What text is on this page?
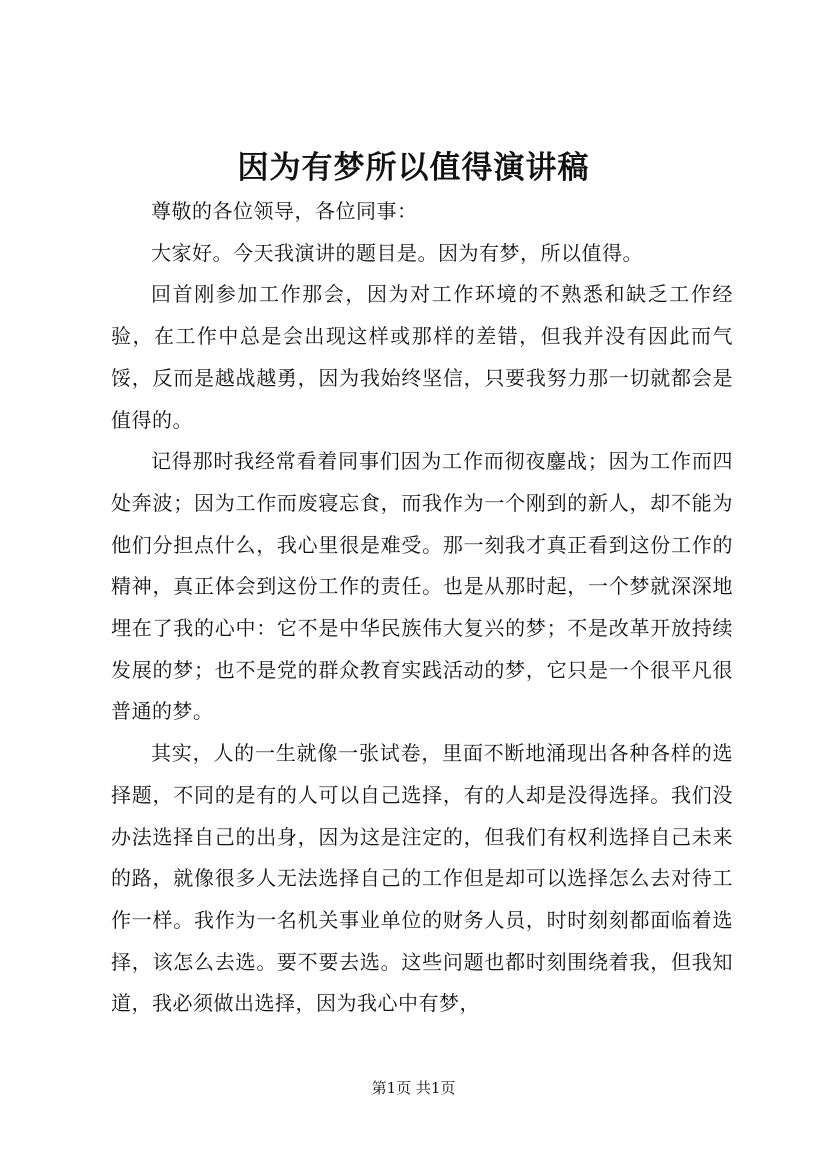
因为有梦所以值得演讲稿

尊敬的各位领导，各位同事：

大家好。今天我演讲的题目是。因为有梦，所以值得。

回首刚参加工作那会，因为对工作环境的不熟悉和缺乏工作经验，在工作中总是会出现这样或那样的差错，但我并没有因此而气馁，反而是越战越勇，因为我始终坚信，只要我努力那一切就都会是值得的。

记得那时我经常看着同事们因为工作而彻夜鏖战；因为工作而四处奔波；因为工作而废寝忘食，而我作为一个刚到的新人，却不能为他们分担点什么，我心里很是难受。那一刻我才真正看到这份工作的精神，真正体会到这份工作的责任。也是从那时起，一个梦就深深地埋在了我的心中：它不是中华民族伟大复兴的梦；不是改革开放持续发展的梦；也不是党的群众教育实践活动的梦，它只是一个很平凡很普通的梦。

其实，人的一生就像一张试卷，里面不断地涌现出各种各样的选择题，不同的是有的人可以自己选择，有的人却是没得选择。我们没办法选择自己的出身，因为这是注定的，但我们有权利选择自己未来的路，就像很多人无法选择自己的工作但是却可以选择怎么去对待工作一样。我作为一名机关事业单位的财务人员，时时刻刻都面临着选择，该怎么去选。要不要去选。这些问题也都时刻围绕着我，但我知道，我必须做出选择，因为我心中有梦，

第1页 共1页
